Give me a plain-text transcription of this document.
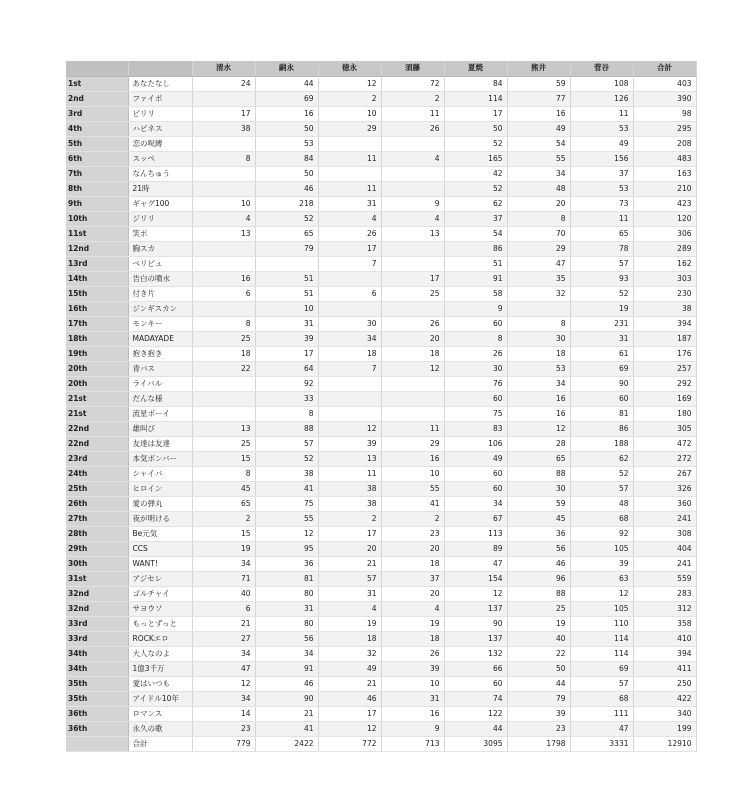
		清水	嗣永	徳永	須藤	夏焼	熊井	菅谷	合計
1st	あなたなし	24	44	12	72	84	59	108	403
2nd	ファイポ		69	2	2	114	77	126	390
3rd	ピリリ	17	16	10	11	17	16	11	98
4th	ハピネス	38	50	29	26	50	49	53	295
5th	恋の呪縛		53			52	54	49	208
6th	スッペ	8	84	11	4	165	55	156	483
7th	なんちゅう		50			42	34	37	163
8th	21時		46	11		52	48	53	210
9th	ギャグ100	10	218	31	9	62	20	73	423
10th	ジリリ	4	52	4	4	37	8	11	120
11st	笑ポ	13	65	26	13	54	70	65	306
12nd	胸スカ		79	17		86	29	78	289
13rd	ベリピュ			7		51	47	57	162
14th	告白の噴水	16	51		17	91	35	93	303
15th	付き片	6	51	6	25	58	32	52	230
16th	ジンギスカン		10			9		19	38
17th	モンキー	8	31	30	26	60	8	231	394
18th	MADAYADE	25	39	34	20	8	30	31	187
19th	抱き抱き	18	17	18	18	26	18	61	176
20th	青バス	22	64	7	12	30	53	69	257
20th	ライバル		92			76	34	90	292
21st	だんな様		33			60	16	60	169
21st	流星ボーイ		8			75	16	81	180
22nd	雄叫び	13	88	12	11	83	12	86	305
22nd	友達は友達	25	57	39	29	106	28	188	472
23rd	本気ボンバー	15	52	13	16	49	65	62	272
24th	シャイバ	8	38	11	10	60	88	52	267
25th	ヒロイン	45	41	38	55	60	30	57	326
26th	愛の弾丸	65	75	38	41	34	59	48	360
27th	夜が明ける	2	55	2	2	67	45	68	241
28th	Be元気	15	12	17	23	113	36	92	308
29th	CCS	19	95	20	20	89	56	105	404
30th	WANT!	34	36	21	18	47	46	39	241
31st	アジセレ	71	81	57	37	154	96	63	559
32nd	ゴルチャイ	40	80	31	20	12	88	12	283
32nd	サヨウソ	6	31	4	4	137	25	105	312
33rd	もっとずっと	21	80	19	19	90	19	110	358
33rd	ROCKエロ	27	56	18	18	137	40	114	410
34th	大人なのよ	34	34	32	26	132	22	114	394
34th	1億3千万	47	91	49	39	66	50	69	411
35th	愛はいつも	12	46	21	10	60	44	57	250
35th	アイドル10年	34	90	46	31	74	79	68	422
36th	ロマンス	14	21	17	16	122	39	111	340
36th	永久の歌	23	41	12	9	44	23	47	199
	合計	779	2422	772	713	3095	1798	3331	12910
